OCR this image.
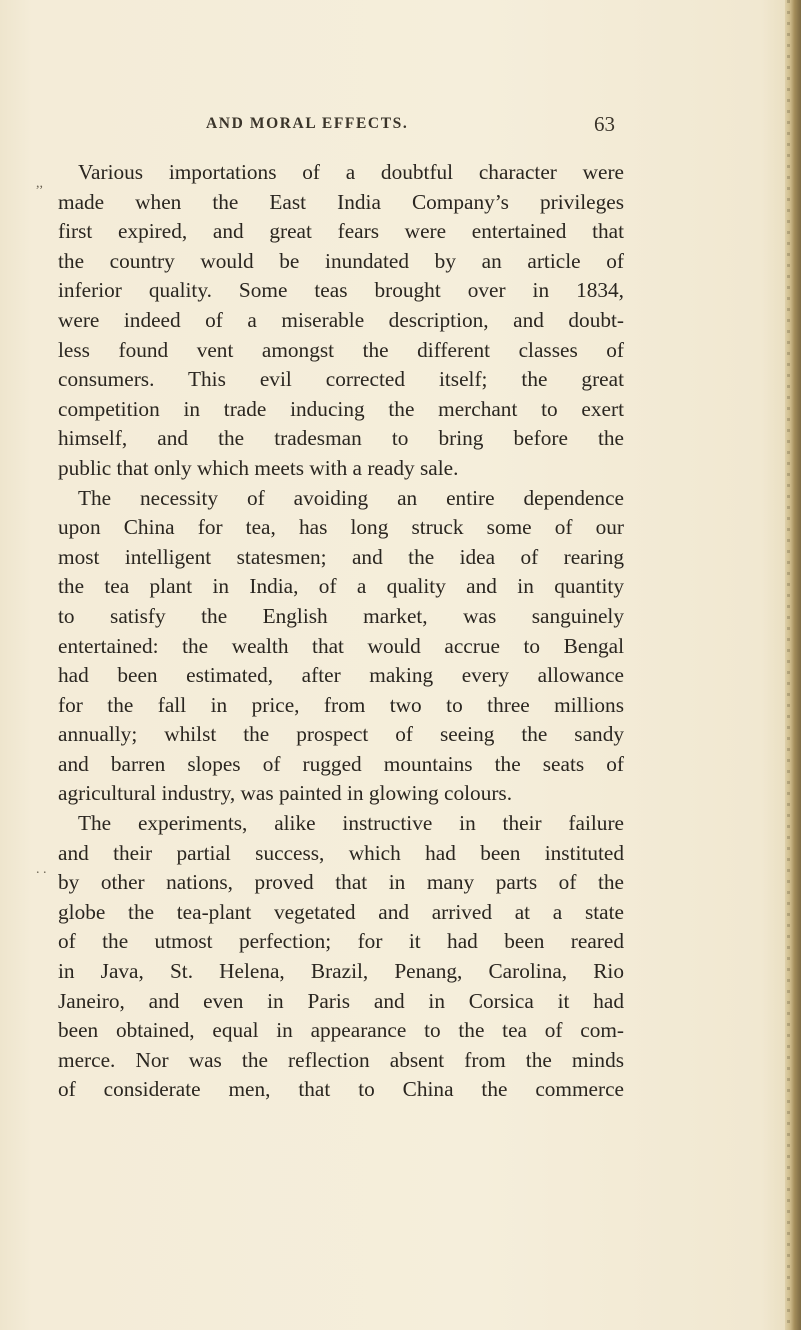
AND MORAL EFFECTS.	63
,,
. .
Various importations of a doubtful character were
made when the East India Company’s privileges
first expired, and great fears were entertained that
the country would be inundated by an article of
inferior quality. Some teas brought over in 1834,
were indeed of a miserable description, and doubt-
less found vent amongst the different classes of
consumers. This evil corrected itself; the great
competition in trade inducing the merchant to exert
himself, and the tradesman to bring before the
public that only which meets with a ready sale.
The necessity of avoiding an entire dependence
upon China for tea, has long struck some of our
most intelligent statesmen; and the idea of rearing
the tea plant in India, of a quality and in quantity
to satisfy the English market, was sanguinely
entertained: the wealth that would accrue to Bengal
had been estimated, after making every allowance
for the fall in price, from two to three millions
annually; whilst the prospect of seeing the sandy
and barren slopes of rugged mountains the seats of
agricultural industry, was painted in glowing colours.
The experiments, alike instructive in their failure
and their partial success, which had been instituted
by other nations, proved that in many parts of the
globe the tea-plant vegetated and arrived at a state
of the utmost perfection; for it had been reared
in Java, St. Helena, Brazil, Penang, Carolina, Rio
Janeiro, and even in Paris and in Corsica it had
been obtained, equal in appearance to the tea of com-
merce. Nor was the reflection absent from the minds
of considerate men, that to China the commerce
